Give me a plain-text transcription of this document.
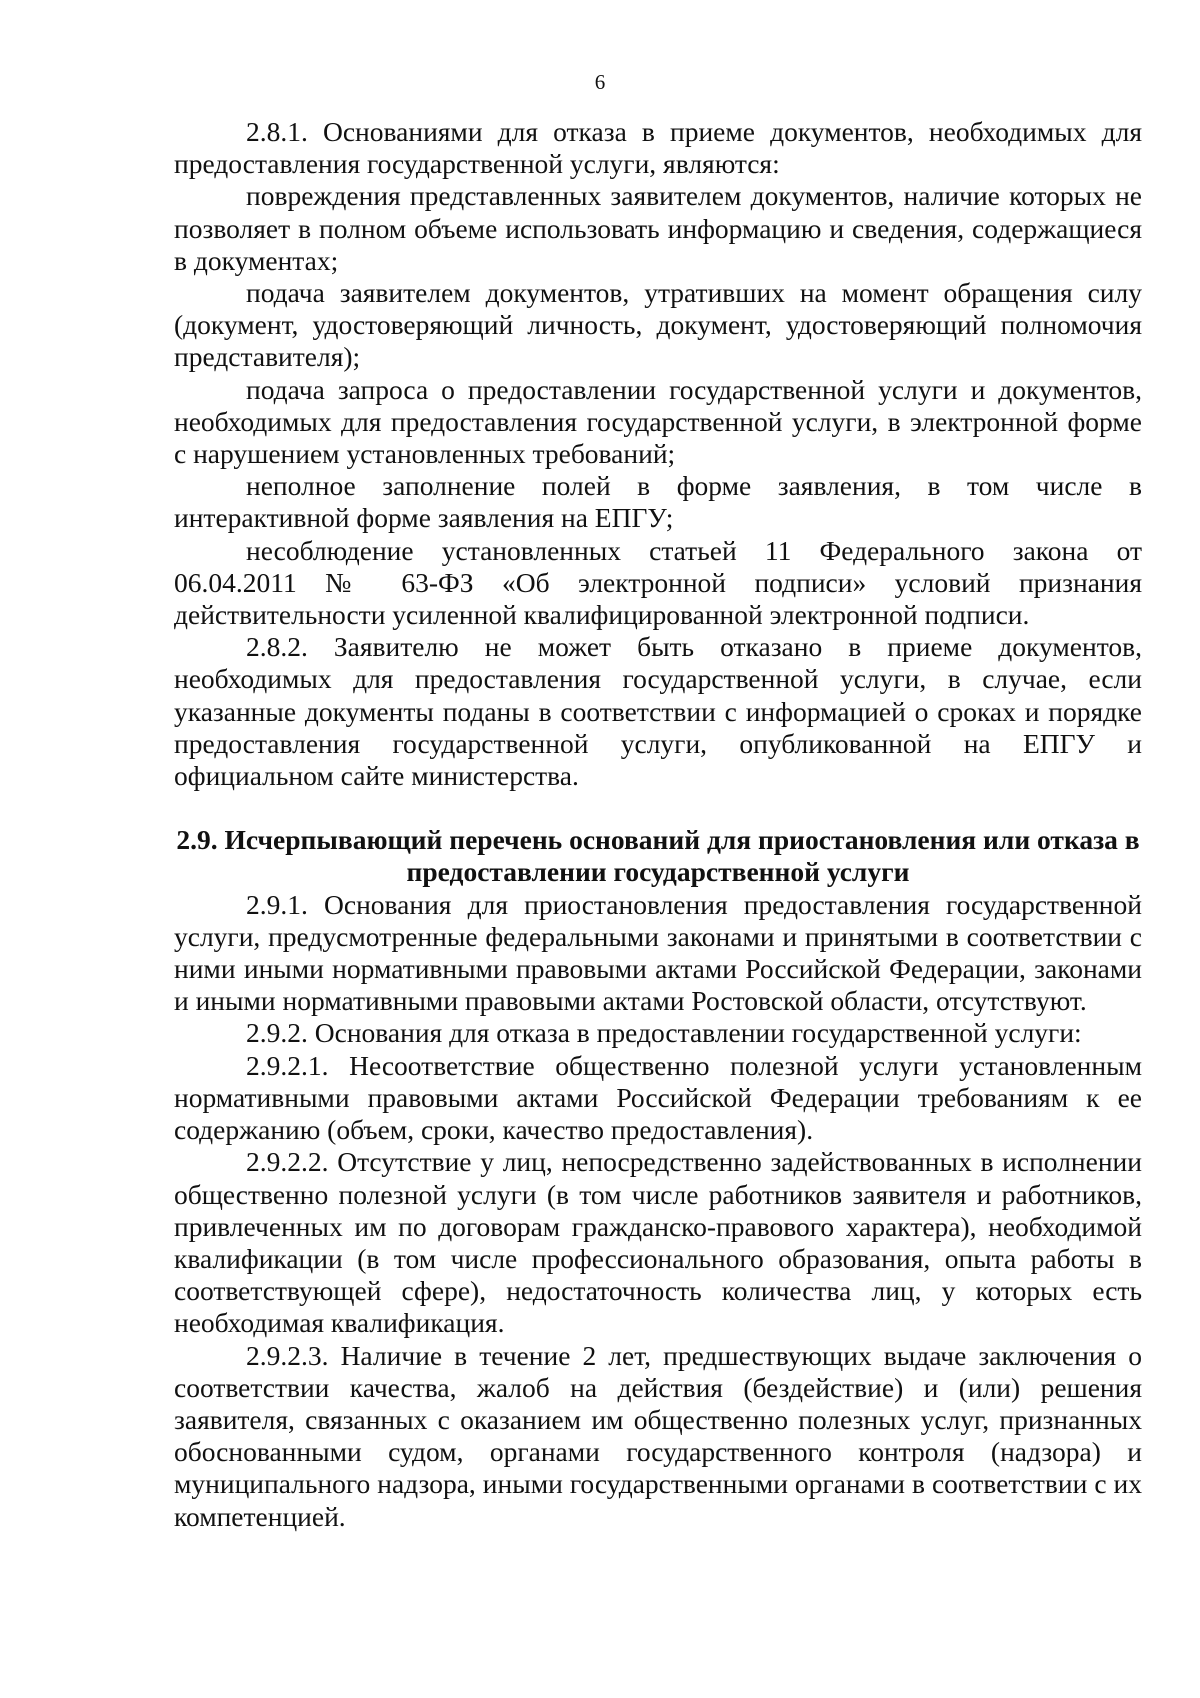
6

2.8.1. Основаниями для отказа в приеме документов, необходимых для предоставления государственной услуги, являются:

повреждения представленных заявителем документов, наличие которых не позволяет в полном объеме использовать информацию и сведения, содержащиеся в документах;

подача заявителем документов, утративших на момент обращения силу (документ, удостоверяющий личность, документ, удостоверяющий полномочия представителя);

подача запроса о предоставлении государственной услуги и документов, необходимых для предоставления государственной услуги, в электронной форме с нарушением установленных требований;

неполное заполнение полей в форме заявления, в том числе в интерактивной форме заявления на ЕПГУ;

несоблюдение установленных статьей 11 Федерального закона от 06.04.2011 № 63-ФЗ «Об электронной подписи» условий признания действительности усиленной квалифицированной электронной подписи.

2.8.2. Заявителю не может быть отказано в приеме документов, необходимых для предоставления государственной услуги, в случае, если указанные документы поданы в соответствии с информацией о сроках и порядке предоставления государственной услуги, опубликованной на ЕПГУ и официальном сайте министерства.

2.9. Исчерпывающий перечень оснований для приостановления или отказа в предоставлении государственной услуги

2.9.1. Основания для приостановления предоставления государственной услуги, предусмотренные федеральными законами и принятыми в соответствии с ними иными нормативными правовыми актами Российской Федерации, законами и иными нормативными правовыми актами Ростовской области, отсутствуют.

2.9.2. Основания для отказа в предоставлении государственной услуги:

2.9.2.1. Несоответствие общественно полезной услуги установленным нормативными правовыми актами Российской Федерации требованиям к ее содержанию (объем, сроки, качество предоставления).

2.9.2.2. Отсутствие у лиц, непосредственно задействованных в исполнении общественно полезной услуги (в том числе работников заявителя и работников, привлеченных им по договорам гражданско-правового характера), необходимой квалификации (в том числе профессионального образования, опыта работы в соответствующей сфере), недостаточность количества лиц, у которых есть необходимая квалификация.

2.9.2.3. Наличие в течение 2 лет, предшествующих выдаче заключения о соответствии качества, жалоб на действия (бездействие) и (или) решения заявителя, связанных с оказанием им общественно полезных услуг, признанных обоснованными судом, органами государственного контроля (надзора) и муниципального надзора, иными государственными органами в соответствии с их компетенцией.
